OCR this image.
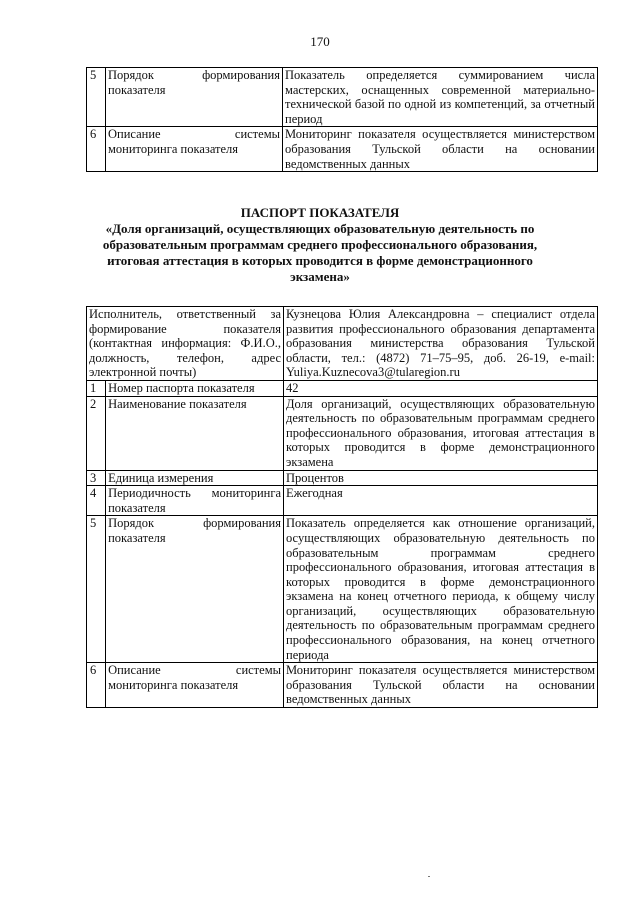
170
5	Порядок формирования показателя	Показатель определяется суммированием числа мастерских, оснащенных современной материально-технической базой по одной из компетенций, за отчетный период
6	Описание системы мониторинга показателя	Мониторинг показателя осуществляется министерством образования Тульской области на основании ведомственных данных
ПАСПОРТ ПОКАЗАТЕЛЯ
«Доля организаций, осуществляющих образовательную деятельность по образовательным программам среднего профессионального образования, итоговая аттестация в которых проводится в форме демонстрационного экзамена»
Исполнитель, ответственный за формирование показателя (контактная информация: Ф.И.О., должность, телефон, адрес электронной почты)		Кузнецова Юлия Александровна – специалист отдела развития профессионального образования департамента образования министерства образования Тульской области, тел.: (4872) 71–75–95, доб. 26-19, e-mail: Yuliya.Kuznecova3@tularegion.ru
1	Номер паспорта показателя	42
2	Наименование показателя	Доля организаций, осуществляющих образовательную деятельность по образовательным программам среднего профессионального образования, итоговая аттестация в которых проводится в форме демонстрационного экзамена
3	Единица измерения	Процентов
4	Периодичность мониторинга показателя	Ежегодная
5	Порядок формирования показателя	Показатель определяется как отношение организаций, осуществляющих образовательную деятельность по образовательным программам среднего профессионального образования, итоговая аттестация в которых проводится в форме демонстрационного экзамена на конец отчетного периода, к общему числу организаций, осуществляющих образовательную деятельность по образовательным программам среднего профессионального образования, на конец отчетного периода
6	Описание системы мониторинга показателя	Мониторинг показателя осуществляется министерством образования Тульской области на основании ведомственных данных
